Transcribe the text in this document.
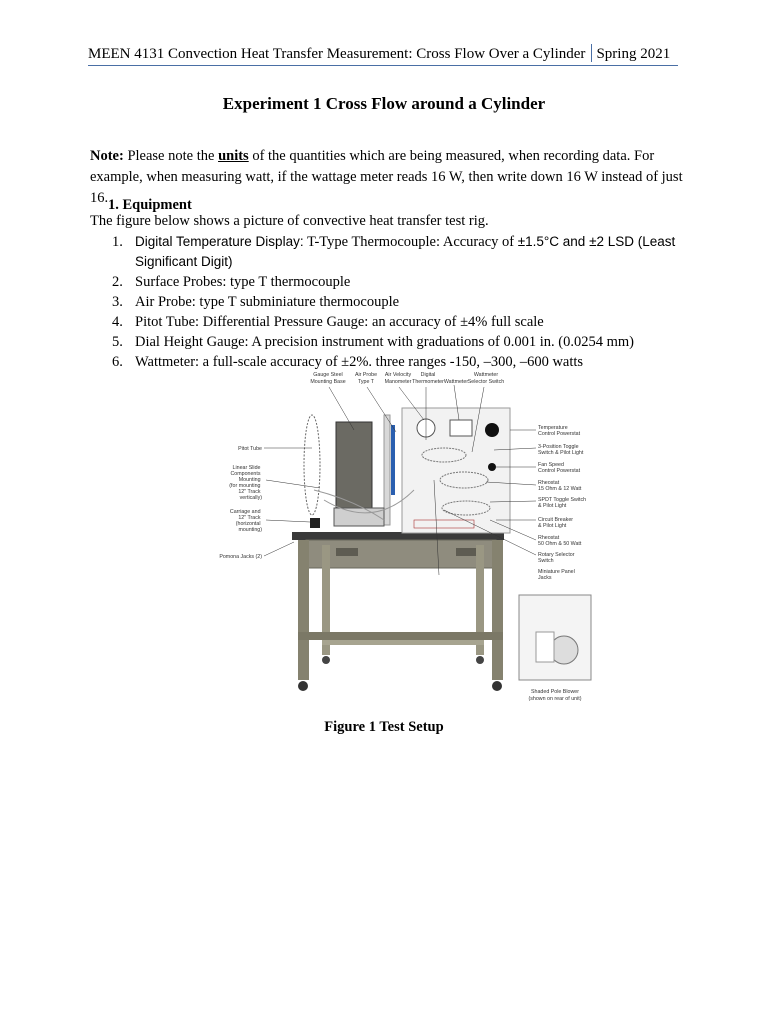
MEEN 4131 Convection Heat Transfer Measurement: Cross Flow Over a Cylinder Spring 2021
Experiment 1 Cross Flow around a Cylinder
Note: Please note the units of the quantities which are being measured, when recording data. For example, when measuring watt, if the wattage meter reads 16 W, then write down 16 W instead of just 16. 1. Equipment
The figure below shows a picture of convective heat transfer test rig.
1. Digital Temperature Display: T-Type Thermocouple: Accuracy of ±1.5°C and ±2 LSD (Least
Significant Digit)
2. Surface Probes: type T thermocouple
3. Air Probe: type T subminiature thermocouple
4. Pitot Tube: Differential Pressure Gauge: an accuracy of ±4% full scale
5. Dial Height Gauge: A precision instrument with graduations of 0.001 in. (0.0254 mm)
6. Wattmeter: a full-scale accuracy of ±2%. three ranges -150, –300, –600 watts
Gauge Steel Mounting Base
Air Probe Type T
Air Velocity Manometer
Digital Thermometer Wattmeter
Wattmeter Selector Switch
Pitot Tube
Linear Slide Components Mounting (for mounting 12" Track vertically)
Carriage and 12" Track (horizontal mounting)
Pomona Jacks (2)
Temperature Control Powerstat
3-Position Toggle Switch & Pilot Light
Fan Speed Control Powerstat
Rheostat 15 Ohm & 12 Watt
SPDT Toggle Switch & Pilot Light
Circuit Breaker & Pilot Light
Rheostat 50 Ohm & 50 Watt
Rotary Selector Switch
Miniature Panel Jacks
Shaded Pole Blower (shown on rear of unit)
Figure 1 Test Setup
